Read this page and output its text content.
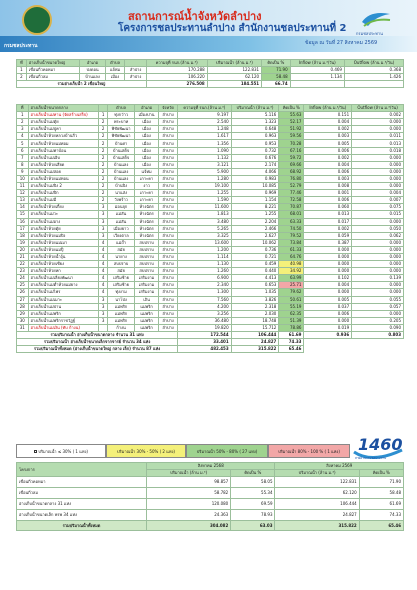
กรมชลประทาน
สถานการณ์น้ำจังหวัดลำปาง
โครงการชลประทานลำปาง สำนักงานชลประทานที่ 2
ข้อมูล ณ วันที่ 27 สิงหาคม 2569
กรมชลประทาน
ที่	อ่างเก็บน้ำขนาดใหญ่	อำเภอ	ตำบล		ความจุที่ รนก.(ล้าน ม.³)	ปริมาณน้ำ (ล้าน ม.³)	คิดเป็น %	Inflow (ล้าน ม.³/วัน)	Outflow (ล้าน ม.³/วัน)
1	เขื่อนกิ่วคอหมา	ปงดอน	แจ้ห่ม	ลำปาง	170.288	122.831	71.90	0.469	0.368
2	เขื่อนกิ่วลม	บ้านแลง	เมือง	ลำปาง	106.220	62.120	58.48	1.134	1.426
รวมอ่างเก็บน้ำ 2 เขื่อนใหญ่					276.508	184.551	66.74		
ที่	อ่างเก็บน้ำขนาดกลาง		ตำบล	อำเภอ	จังหวัด	ความจุที่ รนก.(ล้าน ม.³)	ปริมาณน้ำ (ล้าน ม.³)	คิดเป็น %	Inflow (ล้าน ม.³/วัน)	Outflow (ล้าน ม.³/วัน)
1	อ่างเก็บน้ำแม่ทาน (จัดสร้างเสร็จ)	1	ทุ่งกว๋าว	เมืองปาน	ลำปาง	9.197	5.116	55.63	0.151	0.002
2	อ่างเก็บน้ำแม่ตุ๋ย	2	พระบาท	เมือง	ลำปาง	2.540	1.323	52.17	0.004	0.000
3	อ่างเก็บน้ำแม่ปูคา	2	พิชัยพัฒนา	เมือง	ลำปาง	1.248	0.648	51.92	0.002	0.000
4	อ่างเก็บน้ำห้วยหลวงบ้านกิ่ว	2	พิชัยพัฒนา	เมือง	ลำปาง	1.617	0.963	59.56	0.003	0.011
5	อ่างเก็บน้ำห้วยแม่ค่อม	2	บ้านค่า	เมือง	ลำปาง	1.356	0.953	70.28	0.005	0.013
6	อ่างเก็บน้ำแม่ค่าบ้อน	2	บ้านเสด็จ	เมือง	ลำปาง	1.090	0.732	67.16	0.006	0.018
7	อ่างเก็บน้ำแม่เอิบ	2	บ้านเสด็จ	เมือง	ลำปาง	1.132	0.676	59.72	0.002	0.000
8	อ่างเก็บน้ำห้วยเสียด	2	บ้านแลง	เมือง	ลำปาง	3.121	2.174	69.66	0.004	0.000
9	อ่างเก็บน้ำแม่สอย	2	บ้านแลง	แจ้ห่ม	ลำปาง	5.900	4.066	68.92	0.006	0.000
10	อ่างเก็บน้ำห้วยแม่ทอน	2	บ้านแลง	เกาะคา	ลำปาง	1.280	0.983	76.80	0.003	0.000
11	อ่างเก็บน้ำแม่ปิง 2	2	บ้านปิง	งาว	ลำปาง	19.100	10.085	52.79	0.008	0.000
12	อ่างเก็บน้ำแม่ปิก	2	นาแส่ง	เกาะคา	ลำปาง	1.255	0.969	77.46	0.001	0.004
13	อ่างเก็บน้ำแม่มี	2	วังพร้าว	เกาะคา	ลำปาง	1.590	1.154	72.58	0.006	0.007
14	อ่างเก็บน้ำห้วยเกี๋ยง	3	ม่อนจุก	ห้างฉัตร	ลำปาง	11.600	8.221	70.87	0.060	0.075
15	อ่างเก็บน้ำแม่วะ	3	แม่สัน	ห้างฉัตร	ลำปาง	1.813	1.255	68.01	0.013	0.015
16	อ่างเก็บน้ำแม่อาง	3	แม่สัน	ห้างฉัตร	ลำปาง	3.480	2.204	63.33	0.017	0.000
17	อ่างเก็บน้ำห้วยตุ๋ย	3	เมืองยาว	ห้างฉัตร	ลำปาง	5.265	2.466	74.50	0.002	0.050
18	อ่างเก็บน้ำห้วยแม่ปิง	3	เวียงตาล	ห้างฉัตร	ลำปาง	3.325	2.627	79.52	0.059	0.062
19	อ่างเก็บน้ำห้วยแม่เมา	4	แม่ถ้ำ	สบปราบ	ลำปาง	13.600	10.062	73.84	0.387	0.000
20	อ่างเก็บน้ำห้วยแม่ปุ๊	4	สมัย	สบปราบ	ลำปาง	1.200	0.736	61.33	0.000	0.000
21	อ่างเก็บน้ำห้วยน้ำงุ้น	4	นายาง	สบปราบ	ลำปาง	1.114	0.721	64.76	0.000	0.000
22	อ่างเก็บน้ำห้วยเชียง	4	สบปราบ	สบปราบ	ลำปาง	1.130	0.459	40.98	0.000	0.000
23	อ่างเก็บน้ำห้วยหก	4	สมัย	สบปราบ	ลำปาง	1.260	0.440	34.92	0.000	0.000
24	อ่างเก็บน้ำแม่เลียงพัฒนา	4	เสริมซ้าย	เสริมงาม	ลำปาง	6.900	4.413	63.99	0.102	0.139
25	อ่างเก็บน้ำแม่ต๋ำห้วยแม่ยาง	4	เสริมซ้าย	เสริมงาม	ลำปาง	2.340	0.653	25.71	0.004	0.000
26	อ่างเก็บน้ำแม่ไพร	4	ทุ่งงาม	เสริมงาม	ลำปาง	1.300	1.035	79.62	0.000	0.000
27	อ่างเก็บน้ำแม่เมาะ	3	นาโป่ง	เถิน	ลำปาง	7.560	3.826	50.61	0.005	0.055
28	อ่างเก็บน้ำแม่ปาน	3	แม่พริก	แม่พริก	ลำปาง	4.200	2.318	55.19	0.037	0.057
29	อ่างเก็บน้ำแม่พริก	3	แม่พริก	แม่พริก	ลำปาง	3.256	2.030	62.35	0.006	0.000
30	อ่างเก็บน้ำแม่พริกราชวัฏฐ์	3	แม่พริก	แม่พริก	ลำปาง	36.480	18.748	51.39	0.000	0.205
31	อ่างเก็บน้ำแม่เงิน (ทับ ก้างน)		ก้างน	แม่พริก	ลำปาง	19.820	15.712	78.86	0.019	0.090
รวมปริมาณน้ำ อ่างเก็บน้ำขนาดกลาง จำนวน 31 แห่ง						172.544	106.444	61.69	0.936	0.803
รวมปริมาณน้ำ อ่างเก็บน้ำขนาดเล็กจากจารย์ จำนวน 34 แห่ง						33.401	24.827	74.33		
รวมปริมาณน้ำทั้งหมด (อ่างเก็บน้ำขนาดใหญ่ กลาง เล็ก) จำนวน 87 แห่ง						482.453	315.822	65.46		

ปริมาณน้ำ ≤ 30% ( 1 แห่ง)	ปริมาณน้ำ 30% - 50% ( 2 แห่ง)	ปริมาณน้ำ 50% - 80% ( 27 แห่ง)	ปริมาณน้ำ 80% - 100 % ( 1 แห่ง) 1460
สายด่วนกรมชลประทาน
โครงการ	สิงหาคม 2568		สิงหาคม 2569	
	ปริมาณน้ำ (ล้าน ม.³)	คิดเป็น %	ปริมาณน้ำ (ล้าน ม.³)	คิดเป็น %
เขื่อนกิ่วคอหมา	98.857	58.05	122.831	71.90
เขื่อนกิ่วลม	58.782	55.34	62.120	58.48
อ่างเก็บน้ำขนาดกลาง 31 แห่ง	120.080	69.59	106.444	61.69
อ่างเก็บน้ำขนาดเล็ก พรพ 34 แห่ง	24.363	78.93	24.827	74.33
รวมปริมาณน้ำทั้งหมด	304.082	63.03	315.822	65.46
